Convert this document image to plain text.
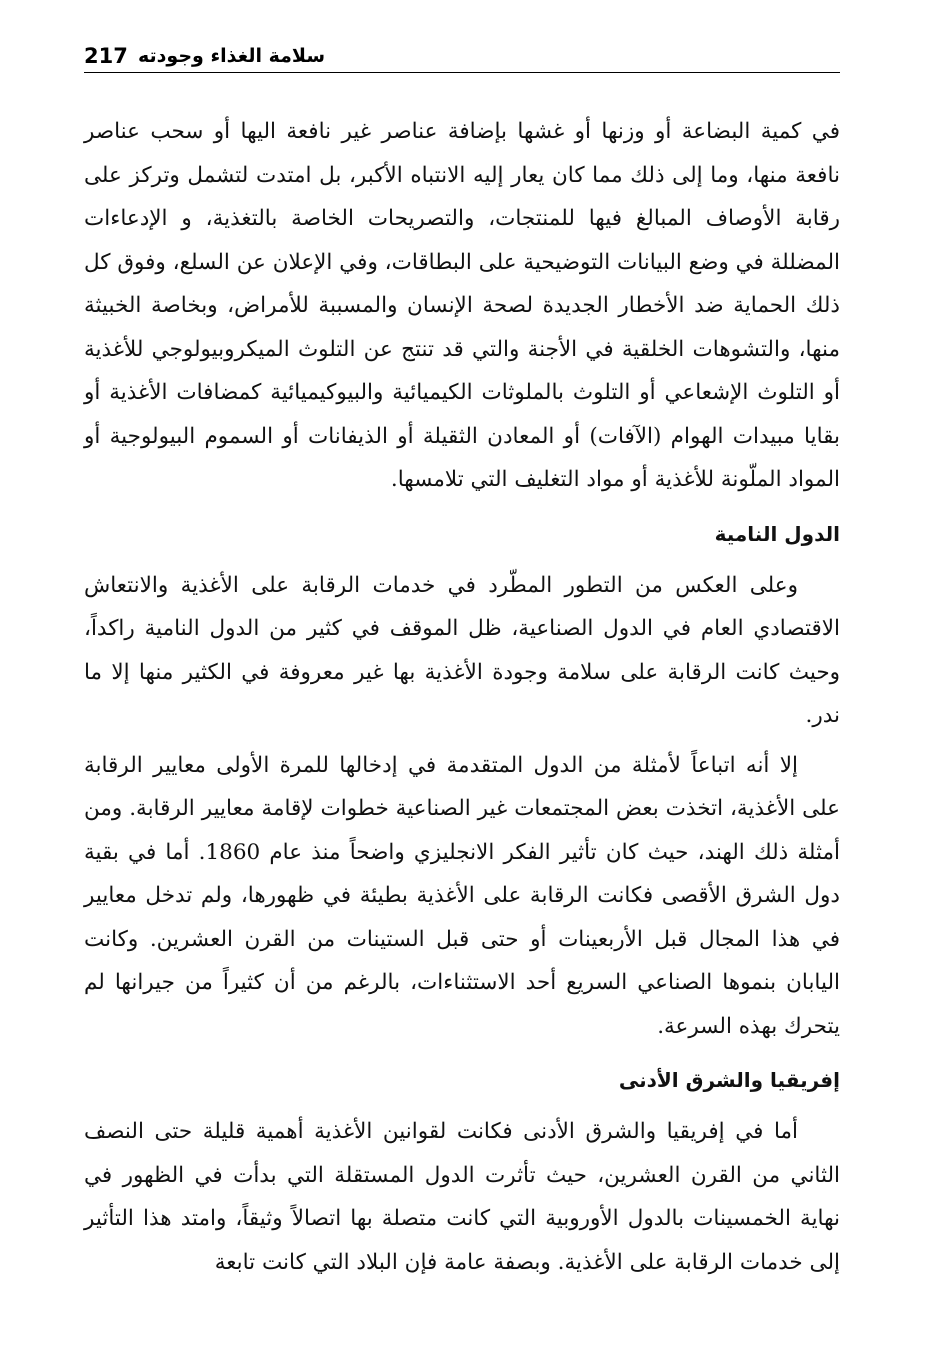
217 سلامة الغذاء وجودته

في كمية البضاعة أو وزنها أو غشها بإضافة عناصر غير نافعة اليها أو سحب عناصر نافعة منها، وما إلى ذلك مما كان يعار إليه الانتباه الأكبر، بل امتدت لتشمل وتركز على رقابة الأوصاف المبالغ فيها للمنتجات، والتصريحات الخاصة بالتغذية، و الإدعاءات المضللة في وضع البيانات التوضيحية على البطاقات، وفي الإعلان عن السلع، وفوق كل ذلك الحماية ضد الأخطار الجديدة لصحة الإنسان والمسببة للأمراض، وبخاصة الخبيثة منها، والتشوهات الخلقية في الأجنة والتي قد تنتج عن التلوث الميكروبيولوجي للأغذية أو التلوث الإشعاعي أو التلوث بالملوثات الكيميائية والبيوكيميائية كمضافات الأغذية أو بقايا مبيدات الهوام (الآفات) أو المعادن الثقيلة أو الذيفانات أو السموم البيولوجية أو المواد الملّونة للأغذية أو مواد التغليف التي تلامسها.

الدول النامية

وعلى العكس من التطور المطّرد في خدمات الرقابة على الأغذية والانتعاش الاقتصادي العام في الدول الصناعية، ظل الموقف في كثير من الدول النامية راكداً، وحيث كانت الرقابة على سلامة وجودة الأغذية بها غير معروفة في الكثير منها إلا ما ندر.

إلا أنه اتباعاً لأمثلة من الدول المتقدمة في إدخالها للمرة الأولى معايير الرقابة على الأغذية، اتخذت بعض المجتمعات غير الصناعية خطوات لإقامة معايير الرقابة. ومن أمثلة ذلك الهند، حيث كان تأثير الفكر الانجليزي واضحاً منذ عام 1860. أما في بقية دول الشرق الأقصى فكانت الرقابة على الأغذية بطيئة في ظهورها، ولم تدخل معايير في هذا المجال قبل الأربعينات أو حتى قبل الستينات من القرن العشرين. وكانت اليابان بنموها الصناعي السريع أحد الاستثناءات، بالرغم من أن كثيراً من جيرانها لم يتحرك بهذه السرعة.

إفريقيا والشرق الأدنى

أما في إفريقيا والشرق الأدنى فكانت لقوانين الأغذية أهمية قليلة حتى النصف الثاني من القرن العشرين، حيث تأثرت الدول المستقلة التي بدأت في الظهور في نهاية الخمسينات بالدول الأوروبية التي كانت متصلة بها اتصالاً وثيقاً، وامتد هذا التأثير إلى خدمات الرقابة على الأغذية. وبصفة عامة فإن البلاد التي كانت تابعة
